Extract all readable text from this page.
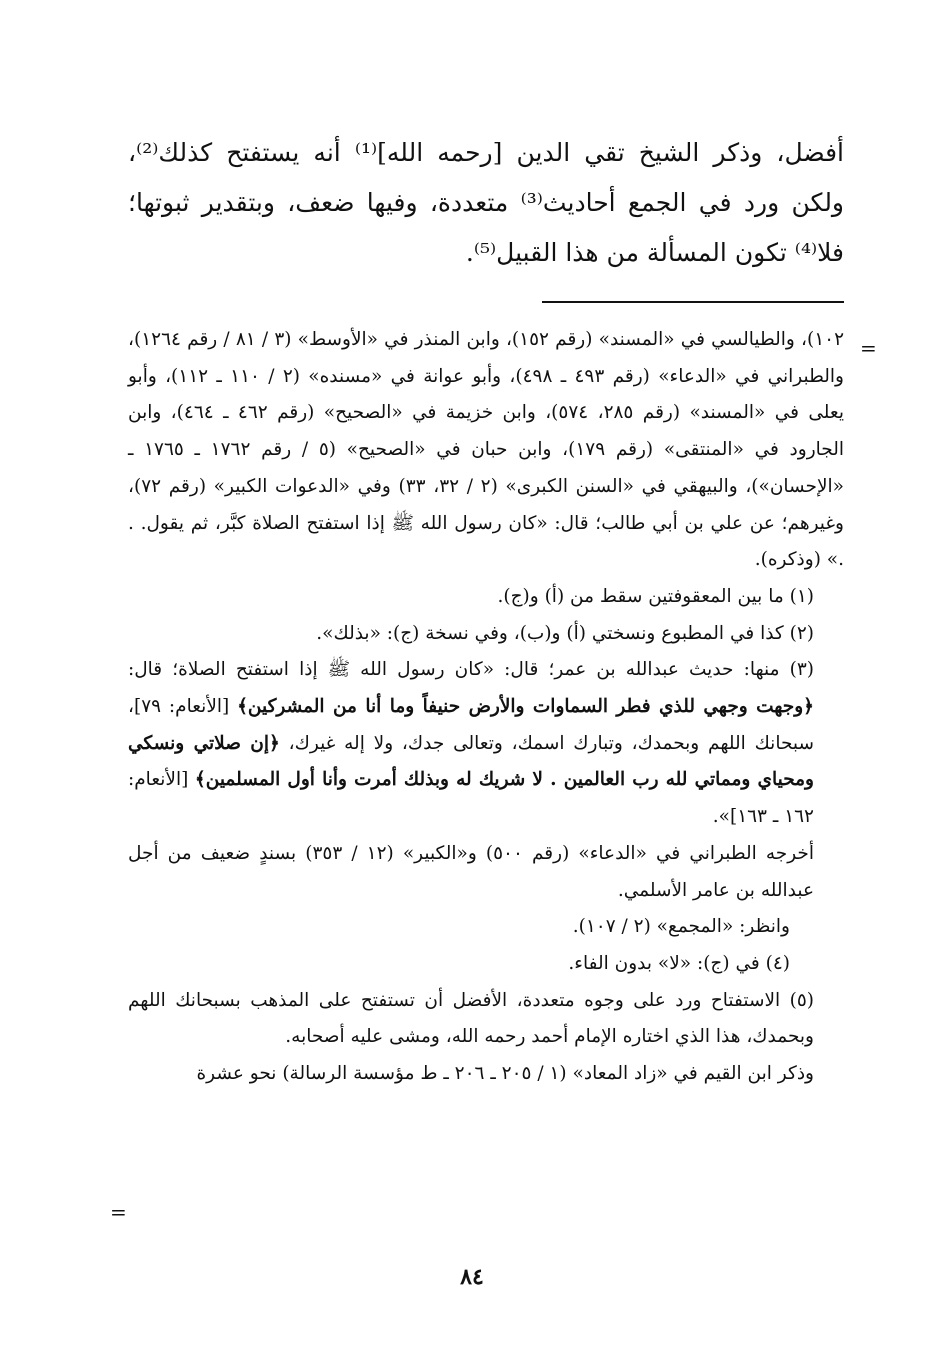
أفضل، وذكر الشيخ تقي الدين [رحمه الله]⁽¹⁾ أنه يستفتح كذلك⁽²⁾، ولكن ورد في الجمع أحاديث⁽³⁾ متعددة، وفيها ضعف، وبتقدير ثبوتها؛ فلا⁽⁴⁾ تكون المسألة من هذا القبيل⁽⁵⁾.

=

١٠٢)، والطيالسي في «المسند» (رقم ١٥٢)، وابن المنذر في «الأوسط» (٣ / ٨١ / رقم ١٢٦٤)، والطبراني في «الدعاء» (رقم ٤٩٣ ـ ٤٩٨)، وأبو عوانة في «مسنده» (٢ / ١١٠ ـ ١١٢)، وأبو يعلى في «المسند» (رقم ٢٨٥، ٥٧٤)، وابن خزيمة في «الصحيح» (رقم ٤٦٢ ـ ٤٦٤)، وابن الجارود في «المنتقى» (رقم ١٧٩)، وابن حبان في «الصحيح» (٥ / رقم ١٧٦٢ ـ ١٧٦٥ ـ «الإحسان»)، والبيهقي في «السنن الكبرى» (٢ / ٣٢، ٣٣) وفي «الدعوات الكبير» (رقم ٧٢)، وغيرهم؛ عن علي بن أبي طالب؛ قال: «كان رسول الله ﷺ إذا استفتح الصلاة كبَّر، ثم يقول. . .» (وذكره).

(١) ما بين المعقوفتين سقط من (أ) و(ج).

(٢) كذا في المطبوع ونسختي (أ) و(ب)، وفي نسخة (ج): «بذلك».

(٣) منها: حديث عبدالله بن عمر؛ قال: «كان رسول الله ﷺ إذا استفتح الصلاة؛ قال: ﴿وجهت وجهي للذي فطر السماوات والأرض حنيفاً وما أنا من المشركين﴾ [الأنعام: ٧٩]، سبحانك اللهم وبحمدك، وتبارك اسمك، وتعالى جدك، ولا إله غيرك، ﴿إن صلاتي ونسكي ومحياي ومماتي لله رب العالمين . لا شريك له وبذلك أمرت وأنا أول المسلمين﴾ [الأنعام: ١٦٢ ـ ١٦٣]».

أخرجه الطبراني في «الدعاء» (رقم ٥٠٠) و«الكبير» (١٢ / ٣٥٣) بسندٍ ضعيف من أجل عبدالله بن عامر الأسلمي.

وانظر: «المجمع» (٢ / ١٠٧).

(٤) في (ج): «لا» بدون الفاء.

(٥) الاستفتاح ورد على وجوه متعددة، الأفضل أن تستفتح على المذهب بسبحانك اللهم وبحمدك، هذا الذي اختاره الإمام أحمد رحمه الله، ومشى عليه أصحابه.

وذكر ابن القيم في «زاد المعاد» (١ / ٢٠٥ ـ ٢٠٦ ـ ط مؤسسة الرسالة) نحو عشرة

=
٨٤
